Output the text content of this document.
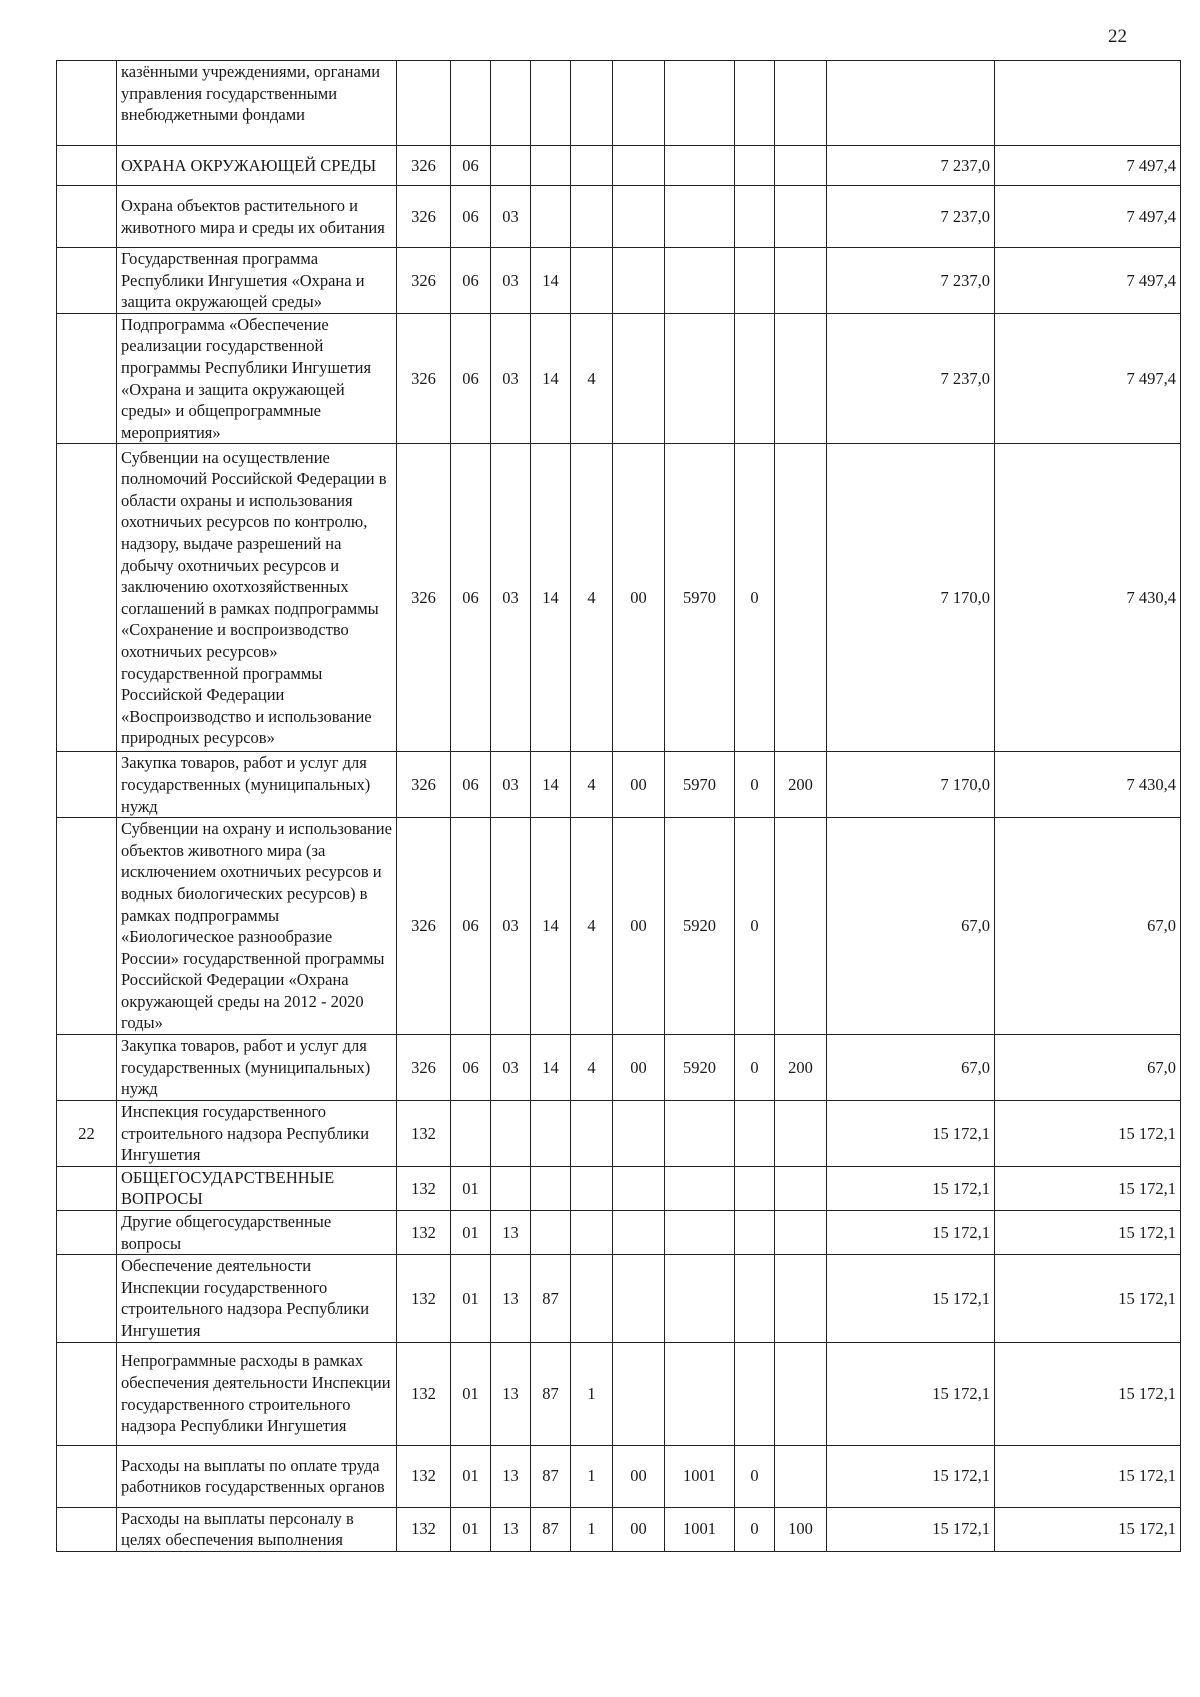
22
	казёнными учреждениями, органами управления государственными внебюджетными фондами											
	ОХРАНА ОКРУЖАЮЩЕЙ СРЕДЫ	326	06								7 237,0	7 497,4
	Охрана объектов растительного и животного мира и среды их обитания	326	06	03							7 237,0	7 497,4
	Государственная программа Республики Ингушетия «Охрана и защита окружающей среды»	326	06	03	14						7 237,0	7 497,4
	Подпрограмма «Обеспечение реализации государственной программы Республики Ингушетия «Охрана и защита окружающей среды» и общепрограммные мероприятия»	326	06	03	14	4					7 237,0	7 497,4
	Субвенции на осуществление полномочий Российской Федерации в области охраны и использования охотничьих ресурсов по контролю, надзору, выдаче разрешений на добычу охотничьих ресурсов и заключению охотхозяйственных соглашений в рамках подпрограммы «Сохранение и воспроизводство охотничьих ресурсов» государственной программы Российской Федерации «Воспроизводство и использование природных ресурсов»	326	06	03	14	4	00	5970	0		7 170,0	7 430,4
	Закупка товаров, работ и услуг для государственных (муниципальных) нужд	326	06	03	14	4	00	5970	0	200	7 170,0	7 430,4
	Субвенции на охрану и использование объектов животного мира (за исключением охотничьих ресурсов и водных биологических ресурсов) в рамках подпрограммы «Биологическое разнообразие России» государственной программы Российской Федерации «Охрана окружающей среды на 2012 - 2020 годы»	326	06	03	14	4	00	5920	0		67,0	67,0
	Закупка товаров, работ и услуг для государственных (муниципальных) нужд	326	06	03	14	4	00	5920	0	200	67,0	67,0
22	Инспекция государственного строительного надзора Республики Ингушетия	132									15 172,1	15 172,1
	ОБЩЕГОСУДАРСТВЕННЫЕ ВОПРОСЫ	132	01								15 172,1	15 172,1
	Другие общегосударственные вопросы	132	01	13							15 172,1	15 172,1
	Обеспечение деятельности Инспекции государственного строительного надзора Республики Ингушетия	132	01	13	87						15 172,1	15 172,1
	Непрограммные расходы в рамках обеспечения деятельности Инспекции государственного строительного надзора Республики Ингушетия	132	01	13	87	1					15 172,1	15 172,1
	Расходы на выплаты по оплате труда работников государственных органов	132	01	13	87	1	00	1001	0		15 172,1	15 172,1
	Расходы на выплаты персоналу в целях обеспечения выполнения	132	01	13	87	1	00	1001	0	100	15 172,1	15 172,1
